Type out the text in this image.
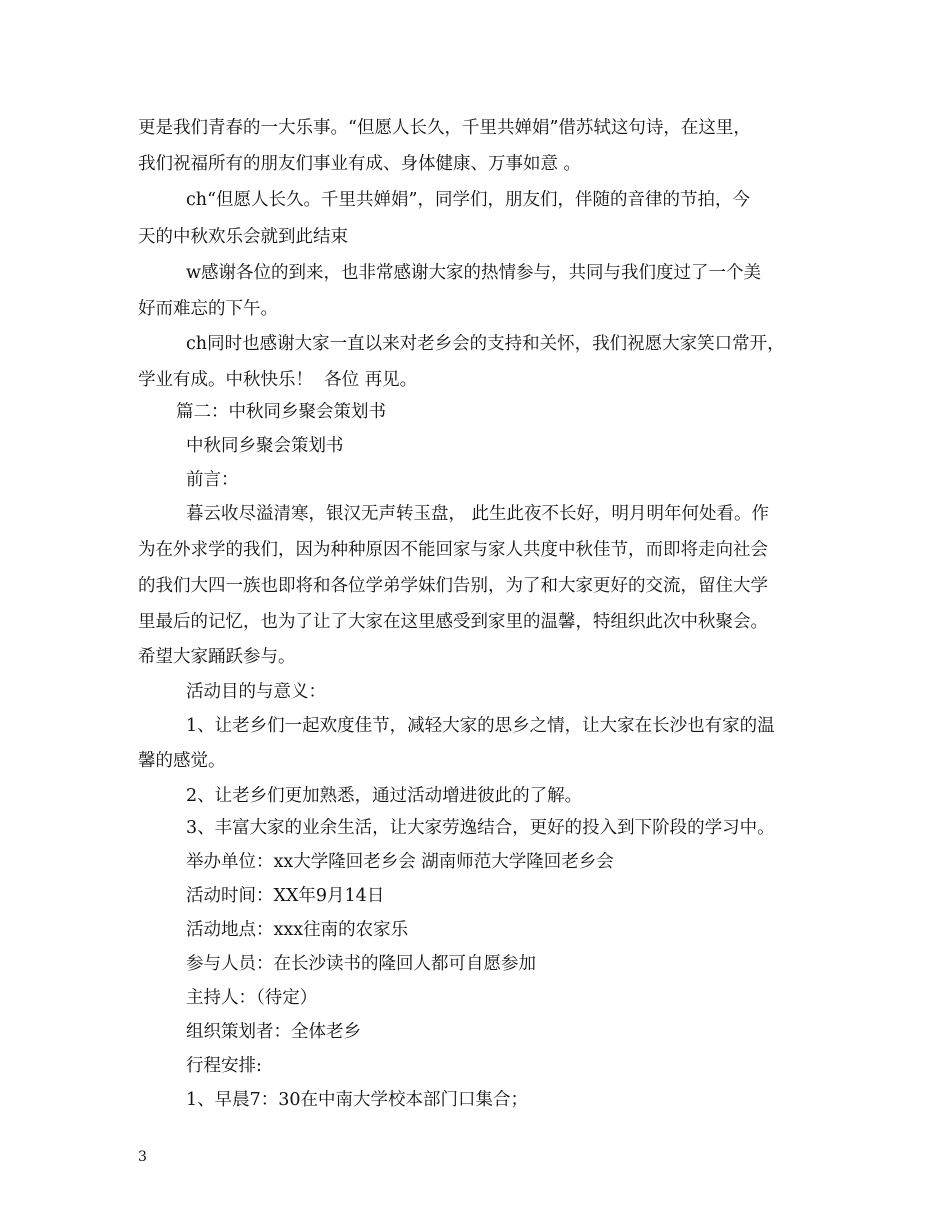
更是我们青春的一大乐事。“但愿人长久，千里共婵娟”借苏轼这句诗，在这里，
我们祝福所有的朋友们事业有成、身体健康、万事如意 。
ch“但愿人长久。千里共婵娟”，同学们，朋友们，伴随的音律的节拍，今
天的中秋欢乐会就到此结束
w感谢各位的到来，也非常感谢大家的热情参与，共同与我们度过了一个美
好而难忘的下午。
ch同时也感谢大家一直以来对老乡会的支持和关怀，我们祝愿大家笑口常开，
学业有成。中秋快乐！  各位 再见。
篇二：中秋同乡聚会策划书
中秋同乡聚会策划书
前言：
暮云收尽溢清寒，银汉无声转玉盘， 此生此夜不长好，明月明年何处看。作
为在外求学的我们，因为种种原因不能回家与家人共度中秋佳节，而即将走向社会
的我们大四一族也即将和各位学弟学妹们告别，为了和大家更好的交流，留住大学
里最后的记忆，也为了让了大家在这里感受到家里的温馨，特组织此次中秋聚会。
希望大家踊跃参与。
活动目的与意义：
1、让老乡们一起欢度佳节，减轻大家的思乡之情，让大家在长沙也有家的温
馨的感觉。
2、让老乡们更加熟悉，通过活动增进彼此的了解。
3、丰富大家的业余生活，让大家劳逸结合，更好的投入到下阶段的学习中。
举办单位：xx大学隆回老乡会 湖南师范大学隆回老乡会
活动时间：XX年9月14日
活动地点：xxx往南的农家乐
参与人员：在长沙读书的隆回人都可自愿参加
主持人：（待定）
组织策划者：全体老乡
行程安排:
1、早晨7：30在中南大学校本部门口集合；
3
